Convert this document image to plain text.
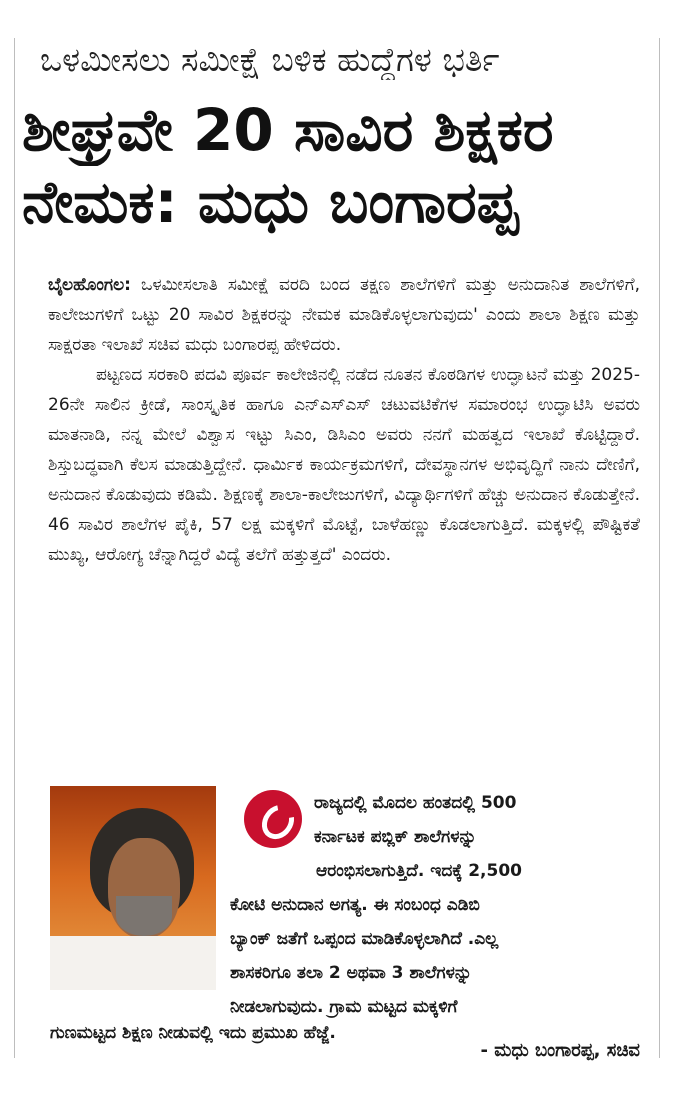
ಒಳಮೀಸಲು ಸಮೀಕ್ಷೆ ಬಳಿಕ ಹುದ್ದೆಗಳ ಭರ್ತಿ
ಶೀಘ್ರವೇ 20 ಸಾವಿರ ಶಿಕ್ಷಕರ
ನೇಮಕ: ಮಧು ಬಂಗಾರಪ್ಪ

ಬೈಲಹೊಂಗಲ: ಒಳಮೀಸಲಾತಿ ಸಮೀಕ್ಷೆ ವರದಿ ಬಂದ ತಕ್ಷಣ ಶಾಲೆಗಳಿಗೆ ಮತ್ತು ಅನುದಾನಿತ ಶಾಲೆಗಳಿಗೆ, ಕಾಲೇಜುಗಳಿಗೆ ಒಟ್ಟು 20 ಸಾವಿರ ಶಿಕ್ಷಕರನ್ನು ನೇಮಕ ಮಾಡಿಕೊಳ್ಳಲಾಗುವುದು' ಎಂದು ಶಾಲಾ ಶಿಕ್ಷಣ ಮತ್ತು ಸಾಕ್ಷರತಾ ಇಲಾಖೆ ಸಚಿವ ಮಧು ಬಂಗಾರಪ್ಪ ಹೇಳಿದರು.

ಪಟ್ಟಣದ ಸರಕಾರಿ ಪದವಿ ಪೂರ್ವ ಕಾಲೇಜಿನಲ್ಲಿ ನಡೆದ ನೂತನ ಕೊಠಡಿಗಳ ಉದ್ಘಾಟನೆ ಮತ್ತು 2025-26ನೇ ಸಾಲಿನ ಕ್ರೀಡೆ, ಸಾಂಸ್ಕೃತಿಕ ಹಾಗೂ ಎನ್‌ಎಸ್‌ಎಸ್ ಚಟುವಟಿಕೆಗಳ ಸಮಾರಂಭ ಉದ್ಘಾಟಿಸಿ ಅವರು ಮಾತನಾಡಿ, ನನ್ನ ಮೇಲೆ ವಿಶ್ವಾಸ ಇಟ್ಟು ಸಿಎಂ, ಡಿಸಿಎಂ ಅವರು ನನಗೆ ಮಹತ್ವದ ಇಲಾಖೆ ಕೊಟ್ಟಿದ್ದಾರೆ. ಶಿಸ್ತುಬದ್ಧವಾಗಿ ಕೆಲಸ ಮಾಡುತ್ತಿದ್ದೇನೆ. ಧಾರ್ಮಿಕ ಕಾರ್ಯಕ್ರಮಗಳಿಗೆ, ದೇವಸ್ಥಾನಗಳ ಅಭಿವೃದ್ಧಿಗೆ ನಾನು ದೇಣಿಗೆ, ಅನುದಾನ ಕೊಡುವುದು ಕಡಿಮೆ. ಶಿಕ್ಷಣಕ್ಕೆ ಶಾಲಾ-ಕಾಲೇಜುಗಳಿಗೆ, ವಿದ್ಯಾರ್ಥಿಗಳಿಗೆ ಹೆಚ್ಚು ಅನುದಾನ ಕೊಡುತ್ತೇನೆ. 46 ಸಾವಿರ ಶಾಲೆಗಳ ಪೈಕಿ, 57 ಲಕ್ಷ ಮಕ್ಕಳಿಗೆ ಮೊಟ್ಟೆ, ಬಾಳೆಹಣ್ಣು ಕೊಡಲಾಗುತ್ತಿದೆ. ಮಕ್ಕಳಲ್ಲಿ ಪೌಷ್ಟಿಕತೆ ಮುಖ್ಯ, ಆರೋಗ್ಯ ಚೆನ್ನಾಗಿದ್ದರೆ ವಿದ್ಯೆ ತಲೆಗೆ ಹತ್ತುತ್ತದೆ' ಎಂದರು.

ರಾಜ್ಯದಲ್ಲಿ ಮೊದಲ ಹಂತದಲ್ಲಿ 500
ಕರ್ನಾಟಕ ಪಬ್ಲಿಕ್ ಶಾಲೆಗಳನ್ನು
ಆರಂಭಿಸಲಾಗುತ್ತಿದೆ. ಇದಕ್ಕೆ 2,500
ಕೋಟಿ ಅನುದಾನ ಅಗತ್ಯ. ಈ ಸಂಬಂಧ ಎಡಿಬಿ
ಬ್ಯಾಂಕ್ ಜತೆಗೆ ಒಪ್ಪಂದ ಮಾಡಿಕೊಳ್ಳಲಾಗಿದೆ .ಎಲ್ಲ
ಶಾಸಕರಿಗೂ ತಲಾ 2 ಅಥವಾ 3 ಶಾಲೆಗಳನ್ನು
ನೀಡಲಾಗುವುದು. ಗ್ರಾಮ ಮಟ್ಟದ ಮಕ್ಕಳಿಗೆ
ಗುಣಮಟ್ಟದ ಶಿಕ್ಷಣ ನೀಡುವಲ್ಲಿ ಇದು ಪ್ರಮುಖ ಹೆಜ್ಜೆ.
- ಮಧು ಬಂಗಾರಪ್ಪ, ಸಚಿವ
